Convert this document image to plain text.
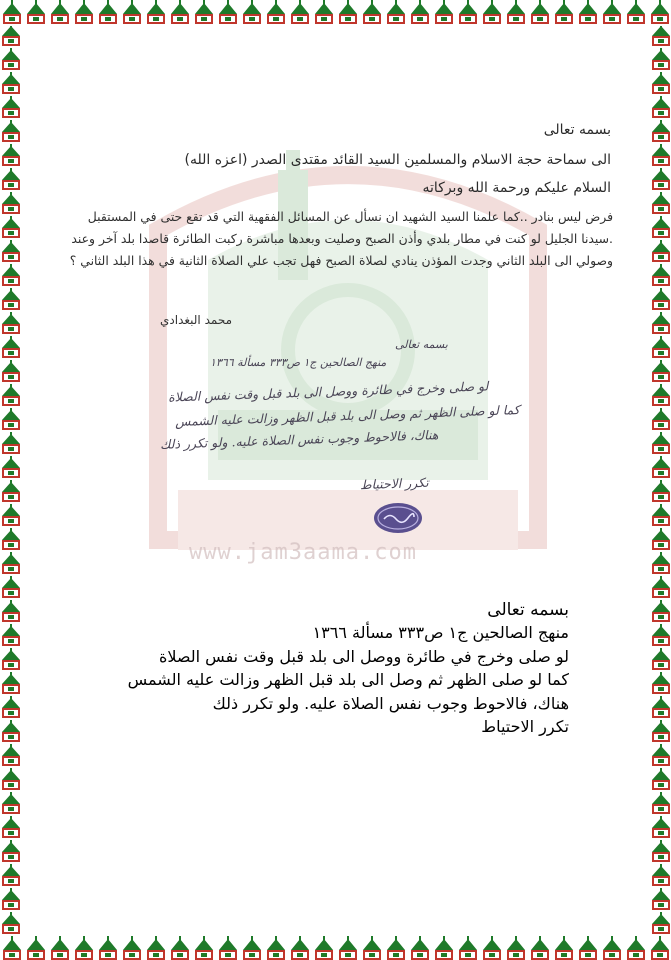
www.jam3aama.com
بسمه تعالى
الى سماحة حجة الاسلام والمسلمين السيد القائد مقتدى الصدر (اعزه الله)
السلام عليكم ورحمة الله وبركاته
فرض ليس بنادر ..كما علمنا السيد الشهيد ان نسأل عن المسائل الفقهية التي قد تقع حتى في المستقبل .سيدنا الجليل لو كنت في مطار بلدي وأذن الصبح وصليت وبعدها مباشرة ركبت الطائرة قاصدا بلد آخر وعند وصولي الى البلد الثاني وجدت المؤذن ينادي لصلاة الصبح فهل تجب علي الصلاة الثانية في هذا البلد الثاني ؟
محمد البغدادي
بسمه تعالى
منهج الصالحين ج١ ص٣٣٣ مسألة ١٣٦٦
لو صلى وخرج في طائرة ووصل الى بلد قبل وقت نفس الصلاة
كما لو صلى الظهر ثم وصل الى بلد قبل الظهر وزالت عليه الشمس
هناك، فالاحوط وجوب نفس الصلاة عليه. ولو تكرر ذلك
تكرر الاحتياط
بسمه تعالى
منهج الصالحين ج١ ص٣٣٣ مسألة ١٣٦٦
لو صلى وخرج في طائرة ووصل الى بلد قبل وقت نفس الصلاة
كما لو صلى الظهر ثم وصل الى بلد قبل الظهر وزالت عليه الشمس
هناك، فالاحوط وجوب نفس الصلاة عليه. ولو تكرر ذلك
تكرر الاحتياط
